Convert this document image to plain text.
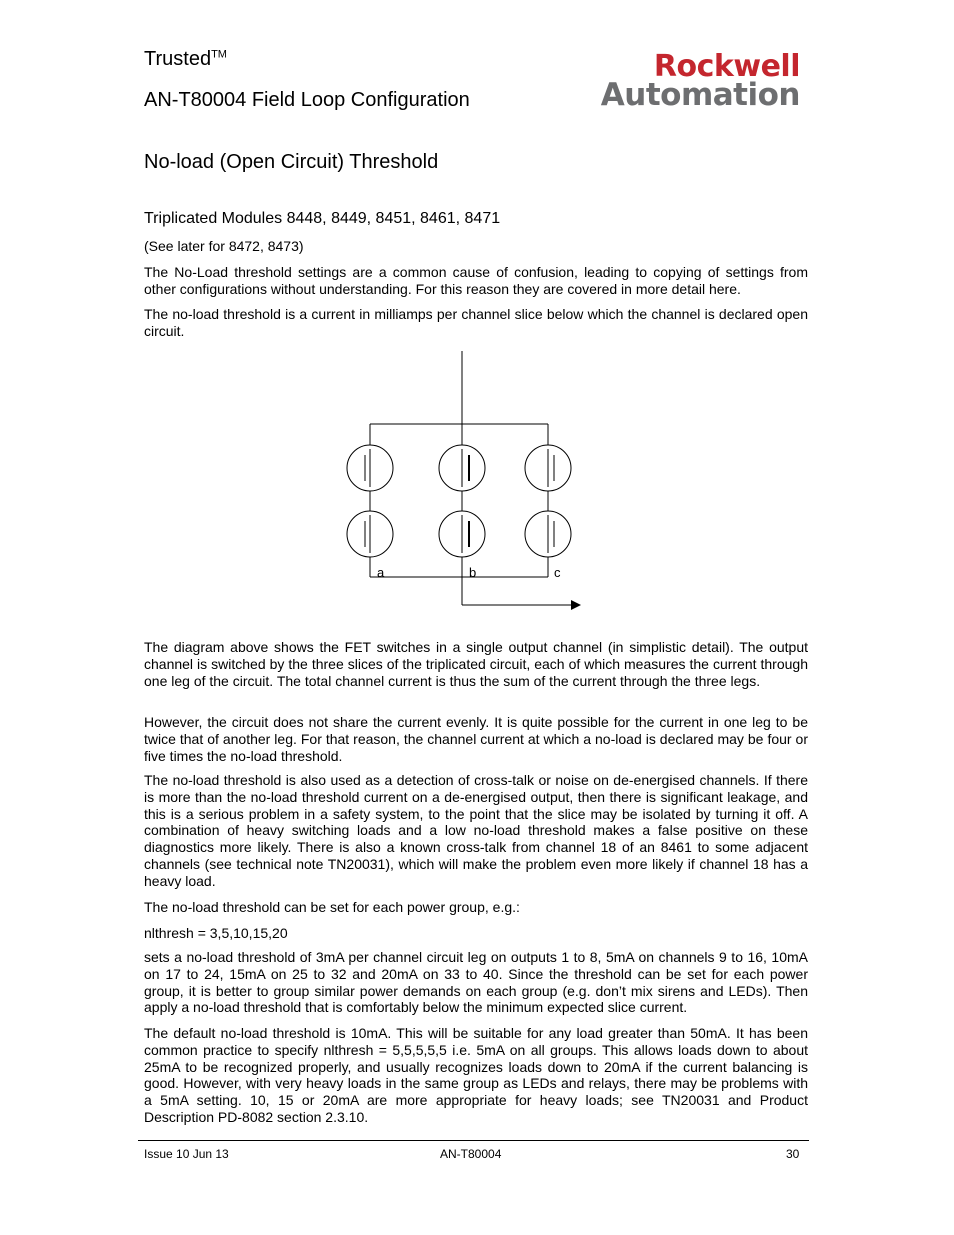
Trusted™
AN-T80004 Field Loop Configuration
Rockwell
Automation
No-load (Open Circuit) Threshold
Triplicated Modules 8448, 8449, 8451, 8461, 8471
(See later for 8472, 8473)
The No-Load threshold settings are a common cause of confusion, leading to copying of settings from other configurations without understanding. For this reason they are covered in more detail here.
The no-load threshold is a current in milliamps per channel slice below which the channel is declared open circuit.
a	b	c
The diagram above shows the FET switches in a single output channel (in simplistic detail). The output channel is switched by the three slices of the triplicated circuit, each of which measures the current through one leg of the circuit. The total channel current is thus the sum of the current through the three legs.
However, the circuit does not share the current evenly. It is quite possible for the current in one leg to be twice that of another leg. For that reason, the channel current at which a no-load is declared may be four or five times the no-load threshold.
The no-load threshold is also used as a detection of cross-talk or noise on de-energised channels. If there is more than the no-load threshold current on a de-energised output, then there is significant leakage, and this is a serious problem in a safety system, to the point that the slice may be isolated by turning it off. A combination of heavy switching loads and a low no-load threshold makes a false positive on these diagnostics more likely. There is also a known cross-talk from channel 18 of an 8461 to some adjacent channels (see technical note TN20031), which will make the problem even more likely if channel 18 has a heavy load.
The no-load threshold can be set for each power group, e.g.:
nlthresh = 3,5,10,15,20
sets a no-load threshold of 3mA per channel circuit leg on outputs 1 to 8, 5mA on channels 9 to 16, 10mA on 17 to 24, 15mA on 25 to 32 and 20mA on 33 to 40. Since the threshold can be set for each power group, it is better to group similar power demands on each group (e.g. don’t mix sirens and LEDs). Then apply a no-load threshold that is comfortably below the minimum expected slice current.
The default no-load threshold is 10mA. This will be suitable for any load greater than 50mA. It has been common practice to specify nlthresh = 5,5,5,5,5 i.e. 5mA on all groups. This allows loads down to about 25mA to be recognized properly, and usually recognizes loads down to 20mA if the current balancing is good. However, with very heavy loads in the same group as LEDs and relays, there may be problems with a 5mA setting. 10, 15 or 20mA are more appropriate for heavy loads; see TN20031 and Product Description PD-8082 section 2.3.10.
Issue 10 Jun 13	AN-T80004	30
